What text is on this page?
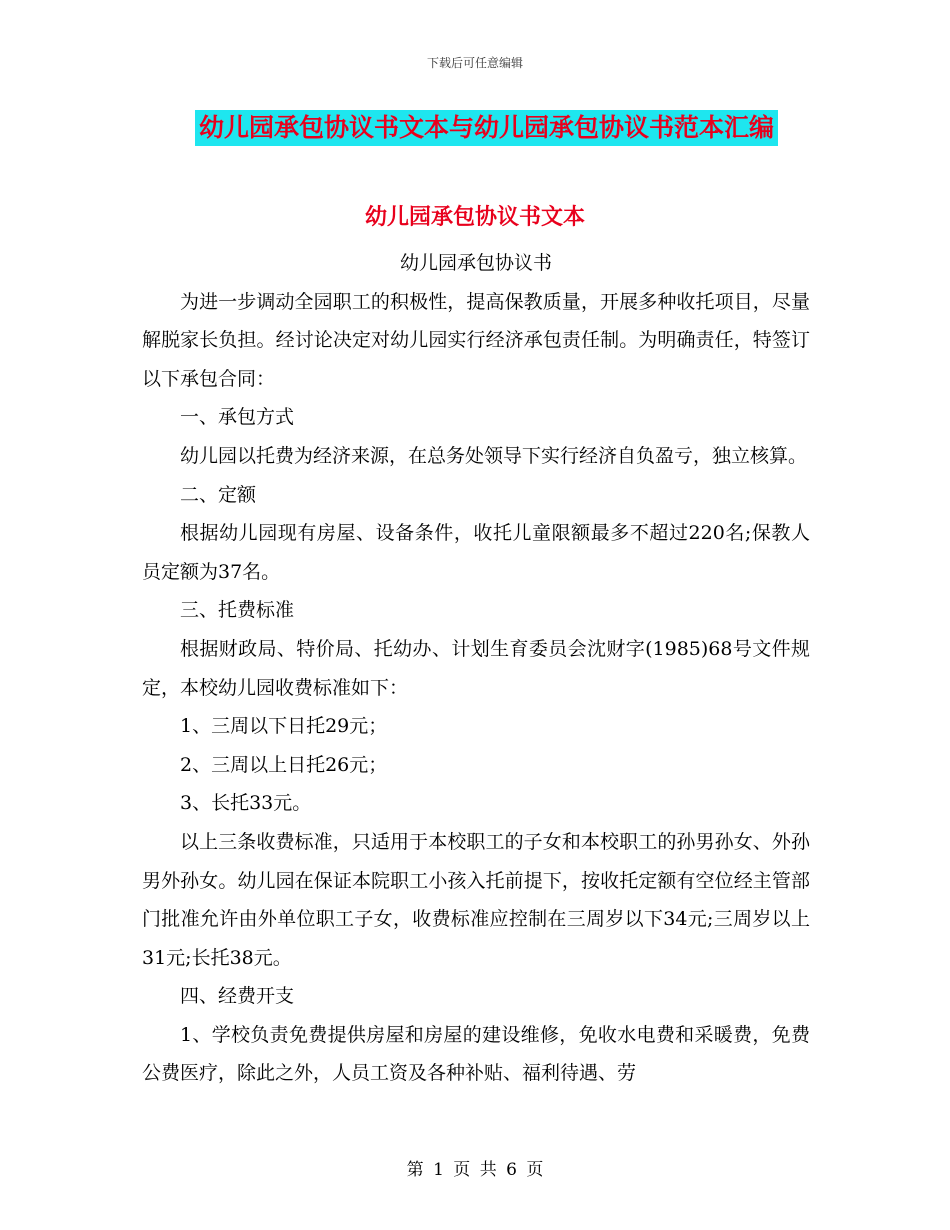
下载后可任意编辑
幼儿园承包协议书文本与幼儿园承包协议书范本汇编
幼儿园承包协议书文本

幼儿园承包协议书

为进一步调动全园职工的积极性，提高保教质量，开展多种收托项目，尽量解脱家长负担。经讨论决定对幼儿园实行经济承包责任制。为明确责任，特签订以下承包合同：

一、承包方式

幼儿园以托费为经济来源，在总务处领导下实行经济自负盈亏，独立核算。

二、定额

根据幼儿园现有房屋、设备条件，收托儿童限额最多不超过220名;保教人员定额为37名。

三、托费标准

根据财政局、特价局、托幼办、计划生育委员会沈财字(1985)68号文件规定，本校幼儿园收费标准如下：

1、三周以下日托29元；

2、三周以上日托26元；

3、长托33元。

以上三条收费标准，只适用于本校职工的子女和本校职工的孙男孙女、外孙男外孙女。幼儿园在保证本院职工小孩入托前提下，按收托定额有空位经主管部门批准允许由外单位职工子女，收费标准应控制在三周岁以下34元;三周岁以上31元;长托38元。

四、经费开支

1、学校负责免费提供房屋和房屋的建设维修，免收水电费和采暖费，免费公费医疗，除此之外，人员工资及各种补贴、福利待遇、劳

第 1 页 共 6 页
